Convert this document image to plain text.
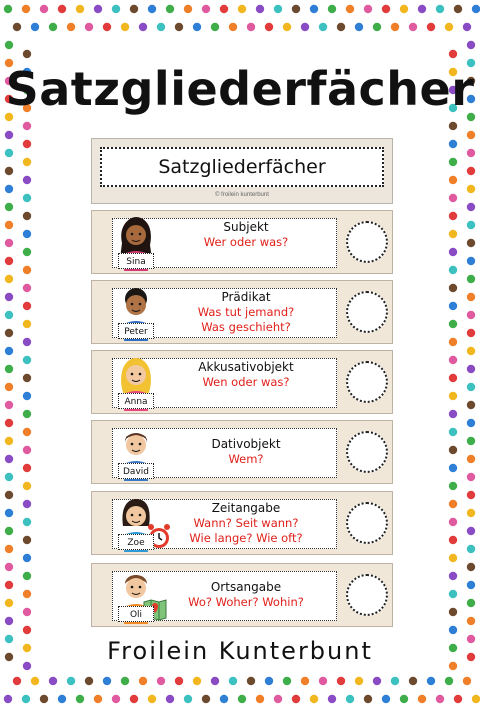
Satzgliederfächer
Satzgliederfächer
© froilein kunterbunt
Sina
Subjekt
Wer oder was?
Peter
Prädikat
Was tut jemand?
Was geschieht?
Anna
Akkusativobjekt
Wen oder was?
David
Dativobjekt
Wem?
Zoe
Zeitangabe
Wann? Seit wann?
Wie lange? Wie oft?
Oli
Ortsangabe
Wo? Woher? Wohin?
Froilein Kunterbunt
